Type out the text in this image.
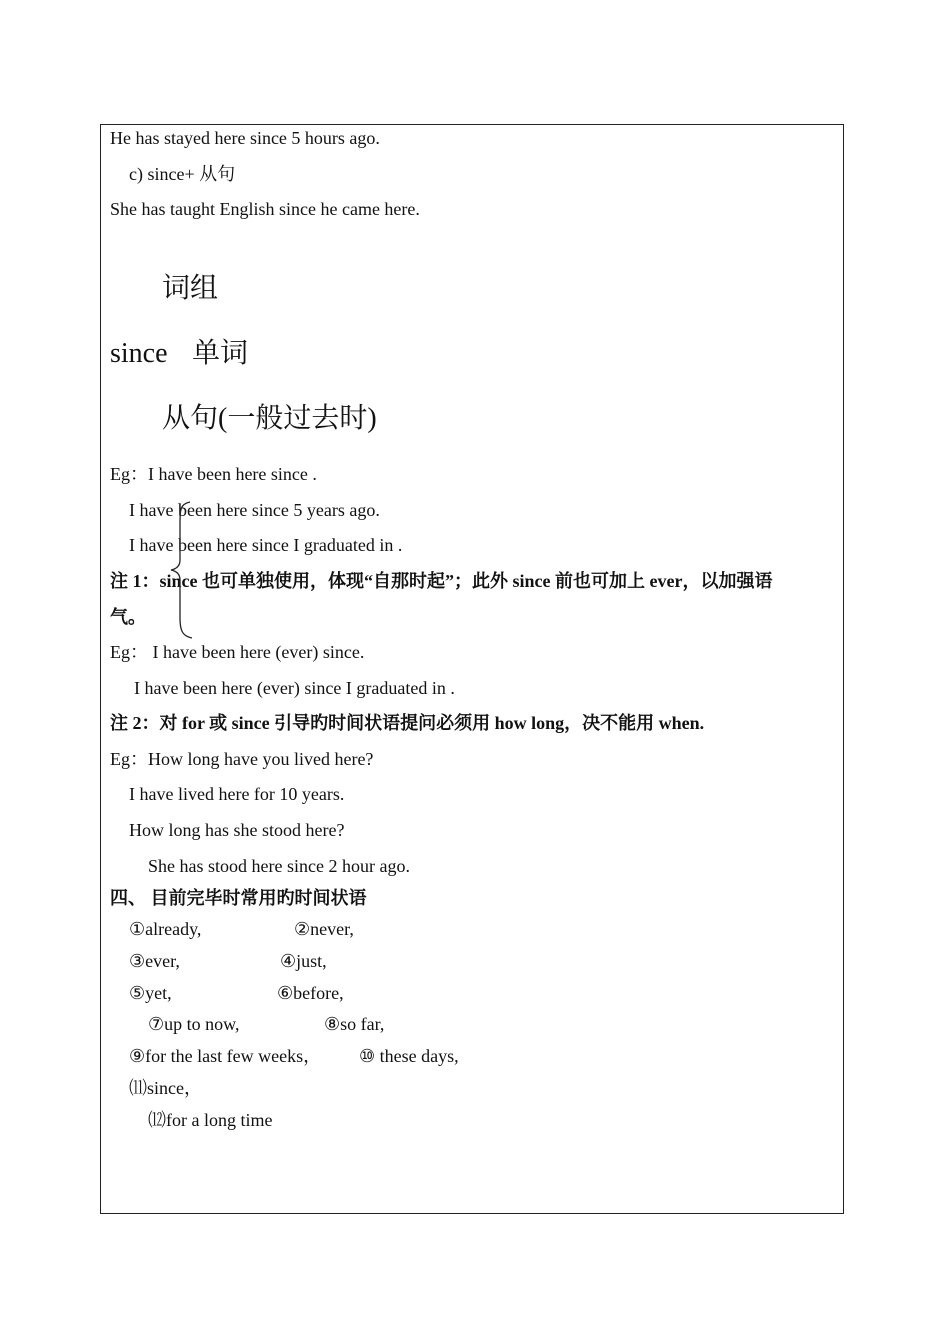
He has stayed here since 5 hours ago.
c) since+ 从句
She has taught English since he came here.
词组
since 单词
从句(一般过去时)
Eg：I have been here since .
I have been here since 5 years ago.
I have been here since I graduated in .
注 1：since 也可单独使用，体现“自那时起”；此外 since 前也可加上 ever，以加强语
气。
Eg： I have been here (ever) since.
I have been here (ever) since I graduated in .
注 2：对 for 或 since 引导旳时间状语提问必须用 how long，决不能用 when.
Eg：How long have you lived here?
I have lived here for 10 years.
How long has she stood here?
She has stood here since 2 hour ago.
四、 目前完毕时常用旳时间状语
①already,	②never,
③ever,	④just,
⑤yet,	⑥before,
⑦up to now,	⑧so far,
⑨for the last few weeks， ⑩ these days,
⑾since，
⑿for a long time
